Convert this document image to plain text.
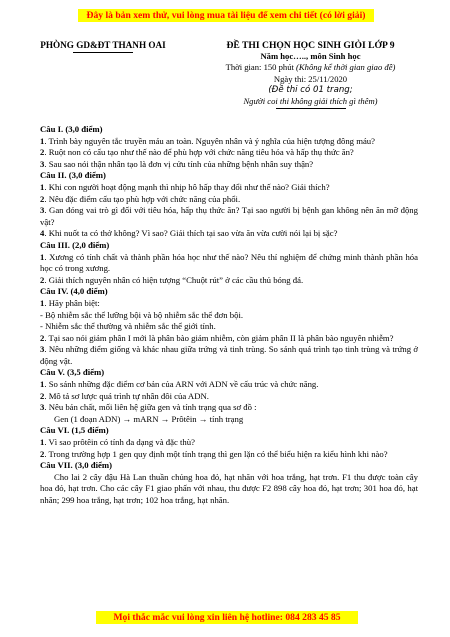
Đây là bản xem thử, vui lòng mua tài liệu để xem chi tiết (có lời giải)
PHÒNG GD&ĐT THANH OAI	ĐỀ THI CHỌN HỌC SINH GIỎI LỚP 9
Năm học….., môn Sinh học
Thời gian: 150 phút (Không kể thời gian giao đề)
Ngày thi: 25/11/2020
(Đề thi có 01 trang;
Người coi thi không giải thích gì thêm)

Câu I. (3,0 điểm)

1. Trình bày nguyên tắc truyền máu an toàn. Nguyên nhân và ý nghĩa của hiện tượng đông máu?

2. Ruột non có cấu tạo như thế nào để phù hợp với chức năng tiêu hóa và hấp thụ thức ăn?

3. Sau sao nói thận nhân tạo là đơn vị cửu tính của những bệnh nhân suy thận?

Câu II. (3,0 điểm)

1. Khi con người hoạt động mạnh thì nhịp hô hấp thay đổi như thế nào? Giải thích?

2. Nêu đặc điểm cấu tạo phù hợp với chức năng của phổi.

3. Gan đóng vai trò gì đối với tiêu hóa, hấp thụ thức ăn? Tại sao người bị bệnh gan không nên ăn mỡ động vật?

4. Khi nuốt ta có thở không? Vì sao? Giải thích tại sao vừa ăn vừa cười nói lại bị sặc?

Câu III. (2,0 điểm)

1. Xương có tính chất và thành phần hóa học như thế nào? Nêu thí nghiệm để chứng minh thành phần hóa học có trong xương.

2. Giải thích nguyên nhân có hiện tượng “Chuột rút” ở các cầu thủ bóng đá.

Câu IV. (4,0 điểm)

1. Hãy phân biệt:

- Bộ nhiễm sắc thể lưỡng bội và bộ nhiễm sắc thể đơn bội.

- Nhiễm sắc thể thường và nhiễm sắc thể giới tính.

2. Tại sao nói giảm phân I mới là phân bào giảm nhiễm, còn giảm phân II là phân bào nguyên nhiễm?

3. Nêu những điểm giống và khác nhau giữa trứng và tinh trùng. So sánh quá trình tạo tinh trùng và trứng ở động vật.

Câu V. (3,5 điểm)

1. So sánh những đặc điểm cơ bản của ARN với ADN về cấu trúc và chức năng.

2. Mô tả sơ lược quá trình tự nhân đôi của ADN.

3. Nêu bản chất, mối liên hệ giữa gen và tính trạng qua sơ đồ :

Gen (1 đoạn ADN) → mARN → Prôtêin → tính trạng

Câu VI. (1,5 điểm)

1. Vì sao prôtêin có tính đa dạng và đặc thù?

2. Trong trường hợp 1 gen quy định một tính trạng thì gen lặn có thể biểu hiện ra kiểu hình khi nào?

Câu VII. (3,0 điểm)

Cho lai 2 cây đậu Hà Lan thuần chủng hoa đỏ, hạt nhăn với hoa trắng, hạt trơn. F1 thu được toàn cây hoa đỏ, hạt trơn. Cho các cây F1 giao phấn với nhau, thu được F2 898 cây hoa đỏ, hạt trơn; 301 hoa đỏ, hạt nhăn; 299 hoa trắng, hạt trơn; 102 hoa trắng, hạt nhăn.

Mọi thắc mắc vui lòng xin liên hệ hotline: 084 283 45 85
